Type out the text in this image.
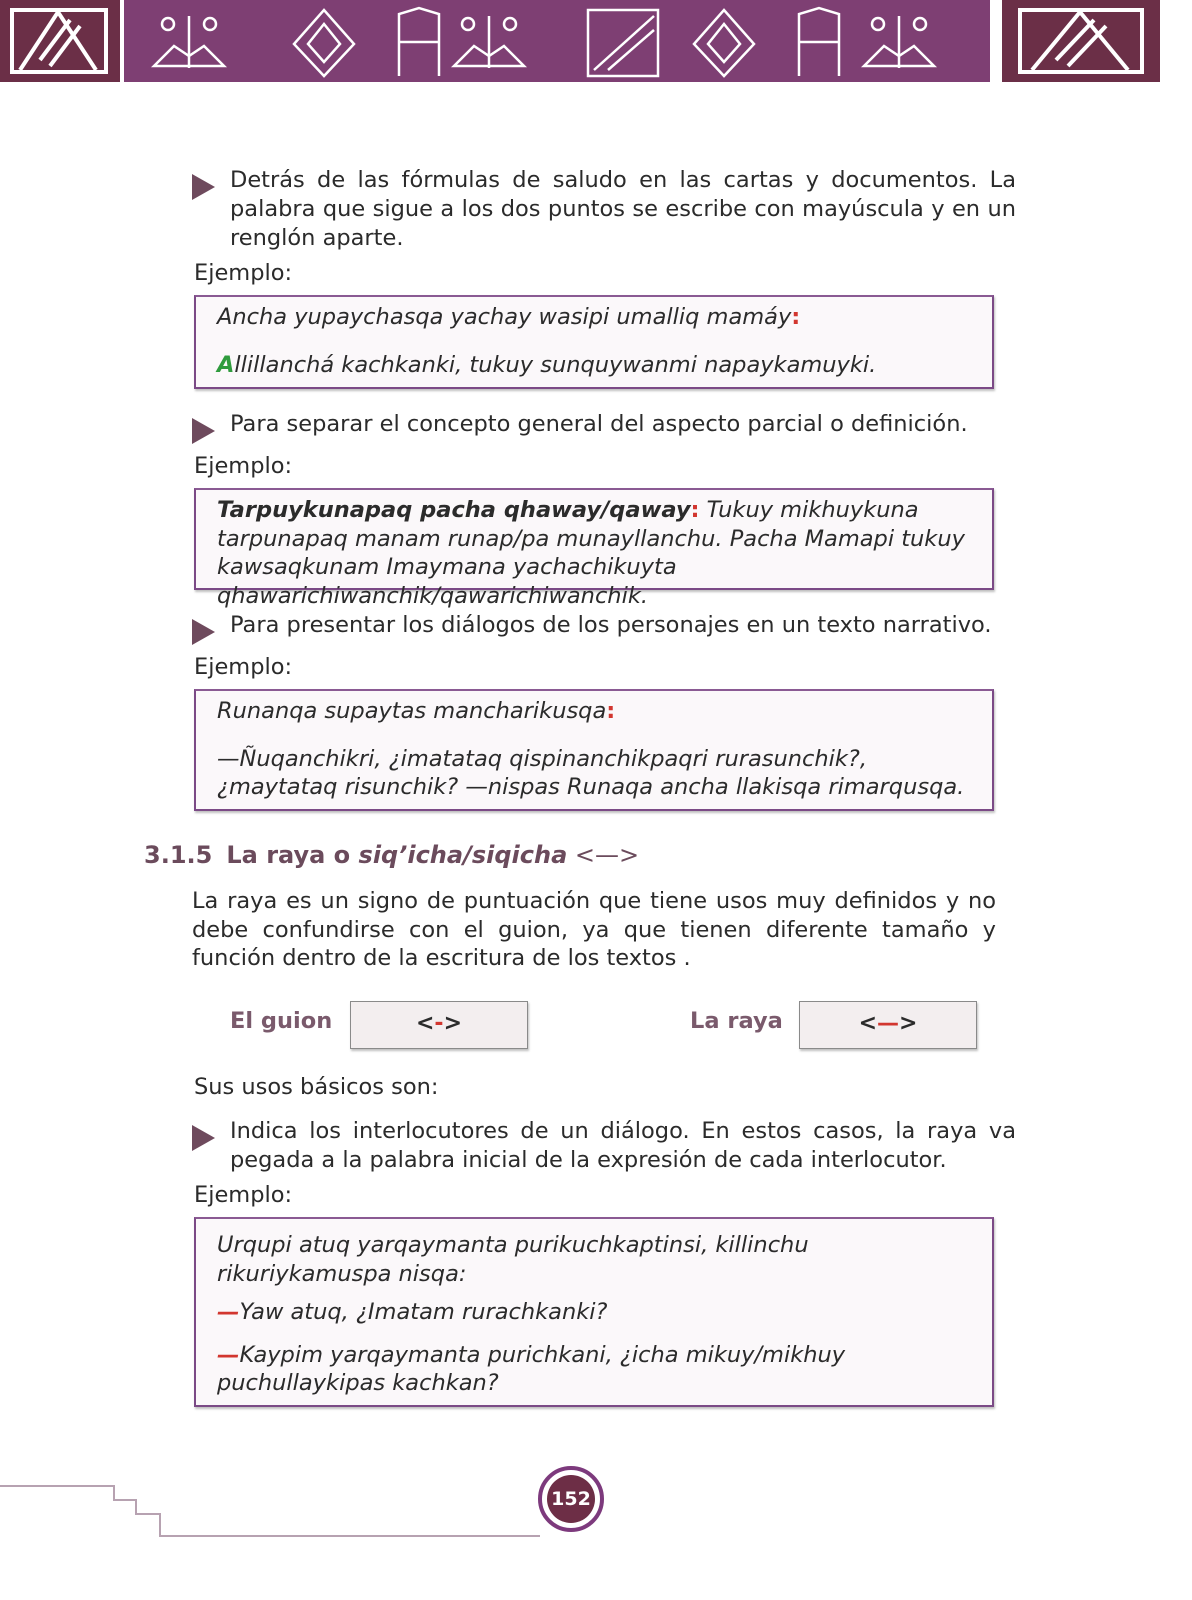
Detrás de las fórmulas de saludo en las cartas y documentos. La palabra que sigue a los dos puntos se escribe con mayúscula y en un renglón aparte.
Ejemplo:

Ancha yupaychasqa yachay wasipi umalliq mamáy:

Allillanchá kachkanki, tukuy sunquywanmi napaykamuyki.

Para separar el concepto general del aspecto parcial o definición.
Ejemplo:

Tarpuykunapaq pacha qhaway/qaway: Tukuy mikhuykuna tarpunapaq manam runap/pa munayllanchu. Pacha Mamapi tukuy kawsaqkunam Imaymana yachachikuyta qhawarichiwanchik/qawarichiwanchik.

Para presentar los diálogos de los personajes en un texto narrativo.
Ejemplo:

Runanqa supaytas mancharikusqa:

—Ñuqanchikri, ¿imatataq qispinanchikpaqri rurasunchik?, ¿maytataq risunchik? —nispas Runaqa ancha llakisqa rimarqusqa.

3.1.5 La raya o siq’icha/siqicha <—>
La raya es un signo de puntuación que tiene usos muy definidos y no debe confundirse con el guion, ya que tienen diferente tamaño y función dentro de la escritura de los textos .
El guion	<->	La raya	<—>
Sus usos básicos son:
Indica los interlocutores de un diálogo. En estos casos, la raya va pegada a la palabra inicial de la expresión de cada interlocutor.
Ejemplo:

Urqupi atuq yarqaymanta purikuchkaptinsi, killinchu rikuriykamuspa nisqa:

—Yaw atuq, ¿Imatam rurachkanki?

—Kaypim yarqaymanta purichkani, ¿icha mikuy/mikhuy puchullaykipas kachkan?

152
